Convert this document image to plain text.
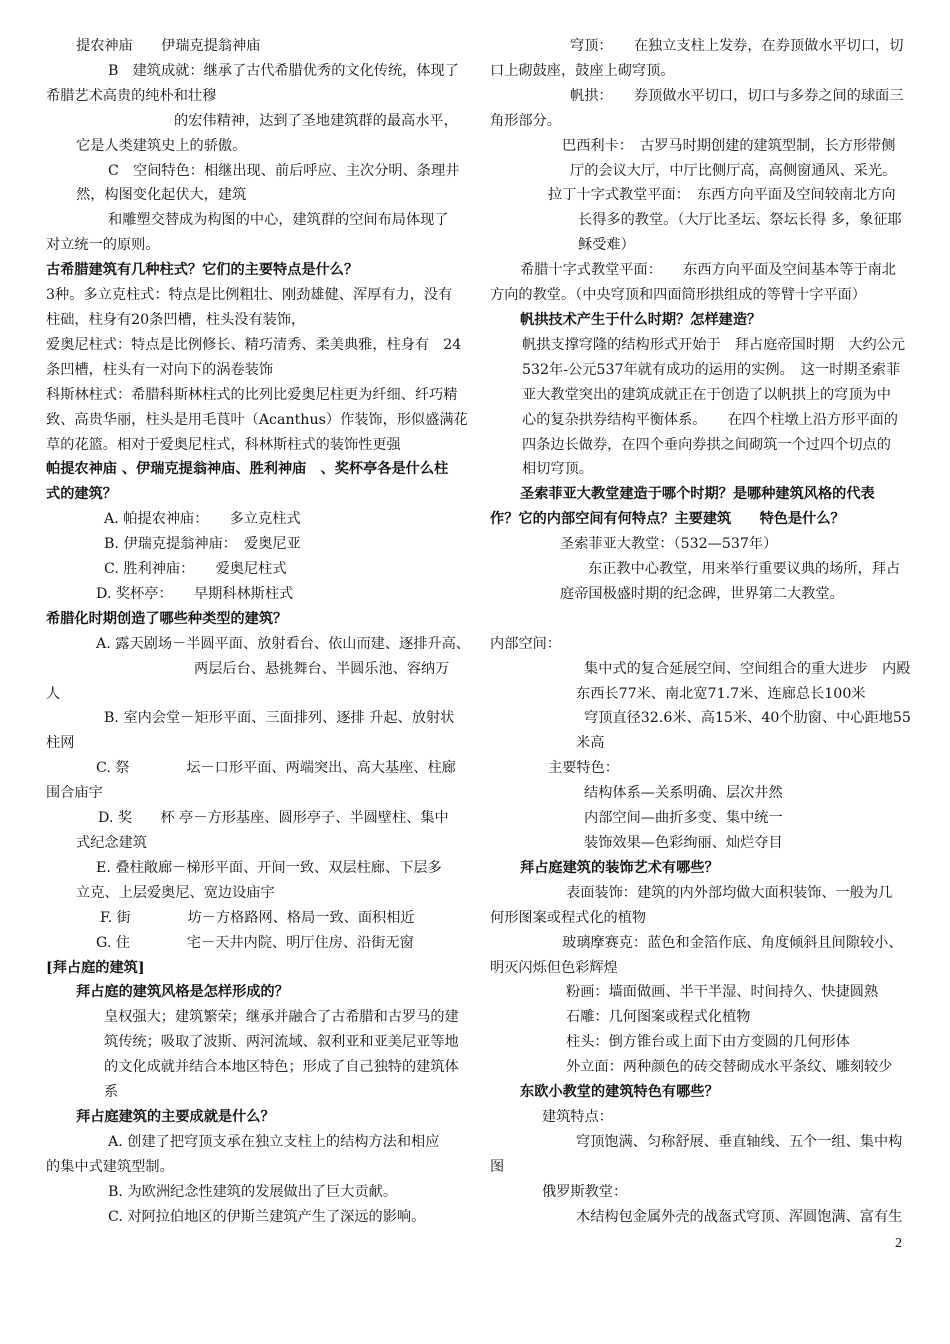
提农神庙　　伊瑞克提翁神庙
B　建筑成就：继承了古代希腊优秀的文化传统，体现了
希腊艺术高贵的纯朴和壮穆
的宏伟精神，达到了圣地建筑群的最高水平，
它是人类建筑史上的骄傲。
C　空间特色：相继出现、前后呼应、主次分明、条理井
然，构图变化起伏大，建筑
和雕塑交替成为构图的中心，建筑群的空间布局体现了
对立统一的原则。
古希腊建筑有几种柱式？它们的主要特点是什么？
3种。多立克柱式：特点是比例粗壮、刚劲雄健、浑厚有力，没有
柱础，柱身有20条凹槽，柱头没有装饰，
爱奥尼柱式：特点是比例修长、精巧清秀、柔美典雅，柱身有　24
条凹槽，柱头有一对向下的涡卷装饰
科斯林柱式：希腊科斯林柱式的比列比爱奥尼柱更为纤细、纤巧精
致、高贵华丽，柱头是用毛茛叶（Acanthus）作装饰，形似盛满花
草的花篮。相对于爱奥尼柱式，科林斯柱式的装饰性更强
帕提农神庙 、伊瑞克提翁神庙、胜利神庙　、奖杯亭各是什么柱
式的建筑？
A. 帕提农神庙：　　多立克柱式
B. 伊瑞克提翁神庙：　爱奥尼亚
C. 胜利神庙：　　爱奥尼柱式
D. 奖杯亭：　　早期科林斯柱式
希腊化时期创造了哪些种类型的建筑？
A. 露天剧场－半圆平面、放射看台、依山而建、逐排升高、
两层后台、悬挑舞台、半圆乐池、容纳万
人
B. 室内会堂－矩形平面、三面排列、逐排 升起、放射状
柱网
C. 祭　　　　坛－口形平面、两端突出、高大基座、柱廊
围合庙宇
D. 奖　　杯 亭－方形基座、圆形亭子、半圆壁柱、集中
式纪念建筑
E. 叠柱敞廊－梯形平面、开间一致、双层柱廊、下层多
立克、上层爱奥尼、宽边设庙宇
F. 街　　　　坊－方格路网、格局一致、面积相近
G. 住　　　　宅－天井内院、明厅住房、沿街无窗
[拜占庭的建筑]
拜占庭的建筑风格是怎样形成的？
皇权强大；建筑繁荣；继承并融合了古希腊和古罗马的建
筑传统；吸取了波斯、两河流域、叙利亚和亚美尼亚等地
的文化成就并结合本地区特色；形成了自己独特的建筑体
系
拜占庭建筑的主要成就是什么？
A. 创建了把穹顶支承在独立支柱上的结构方法和相应
的集中式建筑型制。
B. 为欧洲纪念性建筑的发展做出了巨大贡献。
C. 对阿拉伯地区的伊斯兰建筑产生了深远的影响。
穹顶：　　在独立支柱上发券，在券顶做水平切口，切
口上砌鼓座，鼓座上砌穹顶。
帆拱：　　券顶做水平切口，切口与多券之间的球面三
角形部分。
巴西利卡：　古罗马时期创建的建筑型制，长方形带侧
厅的会议大厅，中厅比侧厅高，高侧窗通风、采光。
拉丁十字式教堂平面：　东西方向平面及空间较南北方向
长得多的教堂。（大厅比圣坛、祭坛长得 多，象征耶
稣受难）
希腊十字式教堂平面：　　东西方向平面及空间基本等于南北
方向的教堂。（中央穹顶和四面筒形拱组成的等臂十字平面）
帆拱技术产生于什么时期？怎样建造？
帆拱支撑穹隆的结构形式开始于　拜占庭帝国时期　大约公元
532年-公元537年就有成功的运用的实例。　这一时期圣索菲
亚大教堂突出的建筑成就正在于创造了以帆拱上的穹顶为中
心的复杂拱券结构平衡体系。　　在四个柱墩上沿方形平面的
四条边长做券，在四个垂向券拱之间砌筑一个过四个切点的
相切穹顶。
圣索菲亚大教堂建造于哪个时期？是哪种建筑风格的代表
作？它的内部空间有何特点？主要建筑　　特色是什么？
圣索菲亚大教堂：（532—537年）
东正教中心教堂，用来举行重要议典的场所，拜占
庭帝国极盛时期的纪念碑，世界第二大教堂。

内部空间：
集中式的复合延展空间、空间组合的重大进步　内殿
东西长77米、南北宽71.7米、连廊总长100米
穹顶直径32.6米、高15米、40个肋窗、中心距地55
米高
主要特色：
结构体系—关系明确、层次井然
内部空间—曲折多变、集中统一
装饰效果—色彩绚丽、灿烂夺目
拜占庭建筑的装饰艺术有哪些？
表面装饰：建筑的内外部均做大面积装饰、一般为几
何形图案或程式化的植物
玻璃摩赛克：蓝色和金箔作底、角度倾斜且间隙较小、
明灭闪烁但色彩辉煌
粉画：墙面做画、半干半湿、时间持久、快捷圆熟
石雕：几何图案或程式化植物
柱头：倒方锥台或上面下由方变圆的几何形体
外立面：两种颜色的砖交替砌成水平条纹、雕刻较少
东欧小教堂的建筑特色有哪些？
建筑特点：
穹顶饱满、匀称舒展、垂直轴线、五个一组、集中构
图
俄罗斯教堂：
木结构包金属外壳的战盔式穹顶、浑圆饱满、富有生
2
